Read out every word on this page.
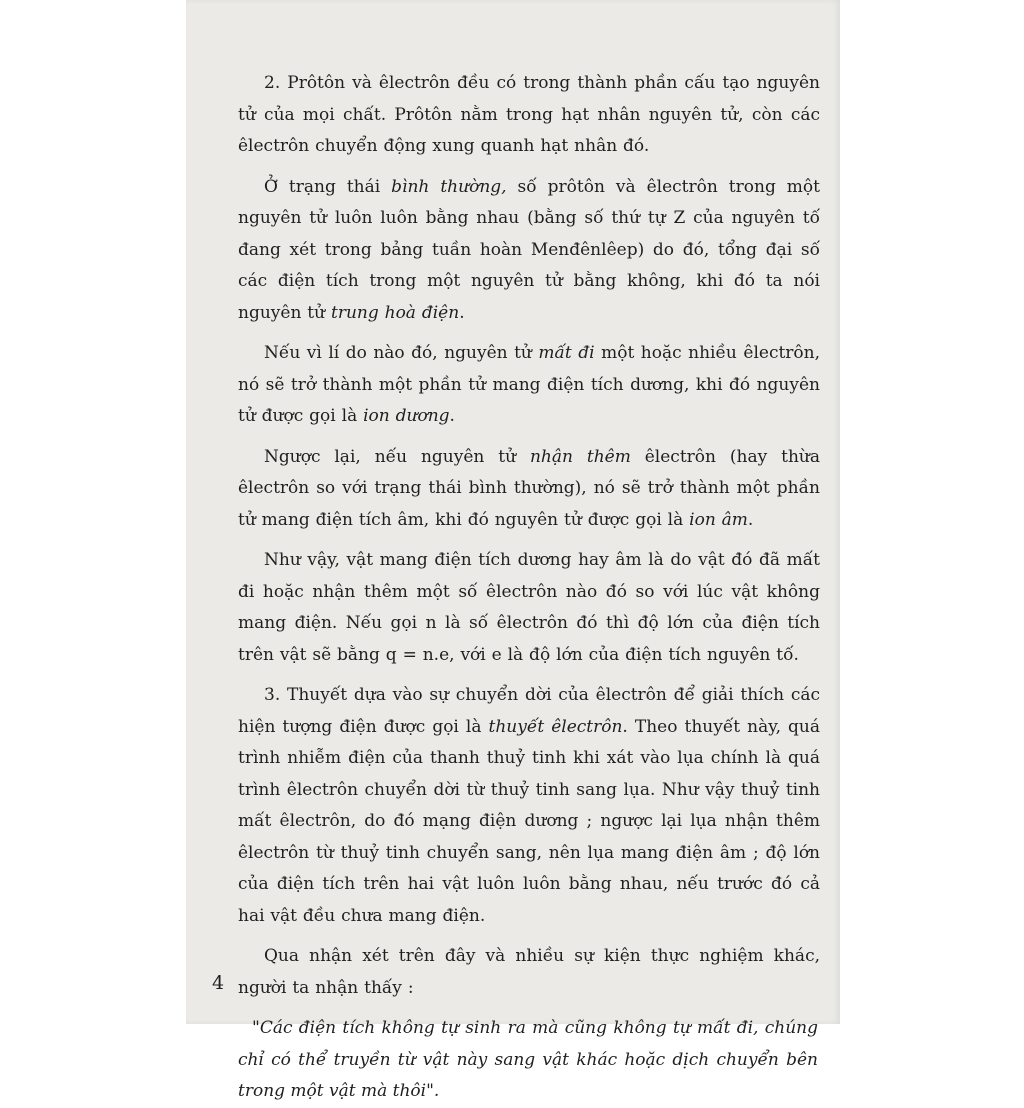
2. Prôtôn và êlectrôn đều có trong thành phần cấu tạo nguyên tử của mọi chất. Prôtôn nằm trong hạt nhân nguyên tử, còn các êlectrôn chuyển động xung quanh hạt nhân đó.

Ở trạng thái bình thường, số prôtôn và êlectrôn trong một nguyên tử luôn luôn bằng nhau (bằng số thứ tự Z của nguyên tố đang xét trong bảng tuần hoàn Menđênlêep) do đó, tổng đại số các điện tích trong một nguyên tử bằng không, khi đó ta nói nguyên tử trung hoà điện.

Nếu vì lí do nào đó, nguyên tử mất đi một hoặc nhiều êlectrôn, nó sẽ trở thành một phần tử mang điện tích dương, khi đó nguyên tử được gọi là ion dương.

Ngược lại, nếu nguyên tử nhận thêm êlectrôn (hay thừa êlectrôn so với trạng thái bình thường), nó sẽ trở thành một phần tử mang điện tích âm, khi đó nguyên tử được gọi là ion âm.

Như vậy, vật mang điện tích dương hay âm là do vật đó đã mất đi hoặc nhận thêm một số êlectrôn nào đó so với lúc vật không mang điện. Nếu gọi n là số êlectrôn đó thì độ lớn của điện tích trên vật sẽ bằng q = n.e, với e là độ lớn của điện tích nguyên tố.

3. Thuyết dựa vào sự chuyển dời của êlectrôn để giải thích các hiện tượng điện được gọi là thuyết êlectrôn. Theo thuyết này, quá trình nhiễm điện của thanh thuỷ tinh khi xát vào lụa chính là quá trình êlectrôn chuyển dời từ thuỷ tinh sang lụa. Như vậy thuỷ tinh mất êlectrôn, do đó mạng điện dương ; ngược lại lụa nhận thêm êlectrôn từ thuỷ tinh chuyển sang, nên lụa mang điện âm ; độ lớn của điện tích trên hai vật luôn luôn bằng nhau, nếu trước đó cả hai vật đều chưa mang điện.

Qua nhận xét trên đây và nhiều sự kiện thực nghiệm khác, người ta nhận thấy :

"Các điện tích không tự sinh ra mà cũng không tự mất đi, chúng chỉ có thể truyền từ vật này sang vật khác hoặc dịch chuyển bên trong một vật mà thôi".

4
